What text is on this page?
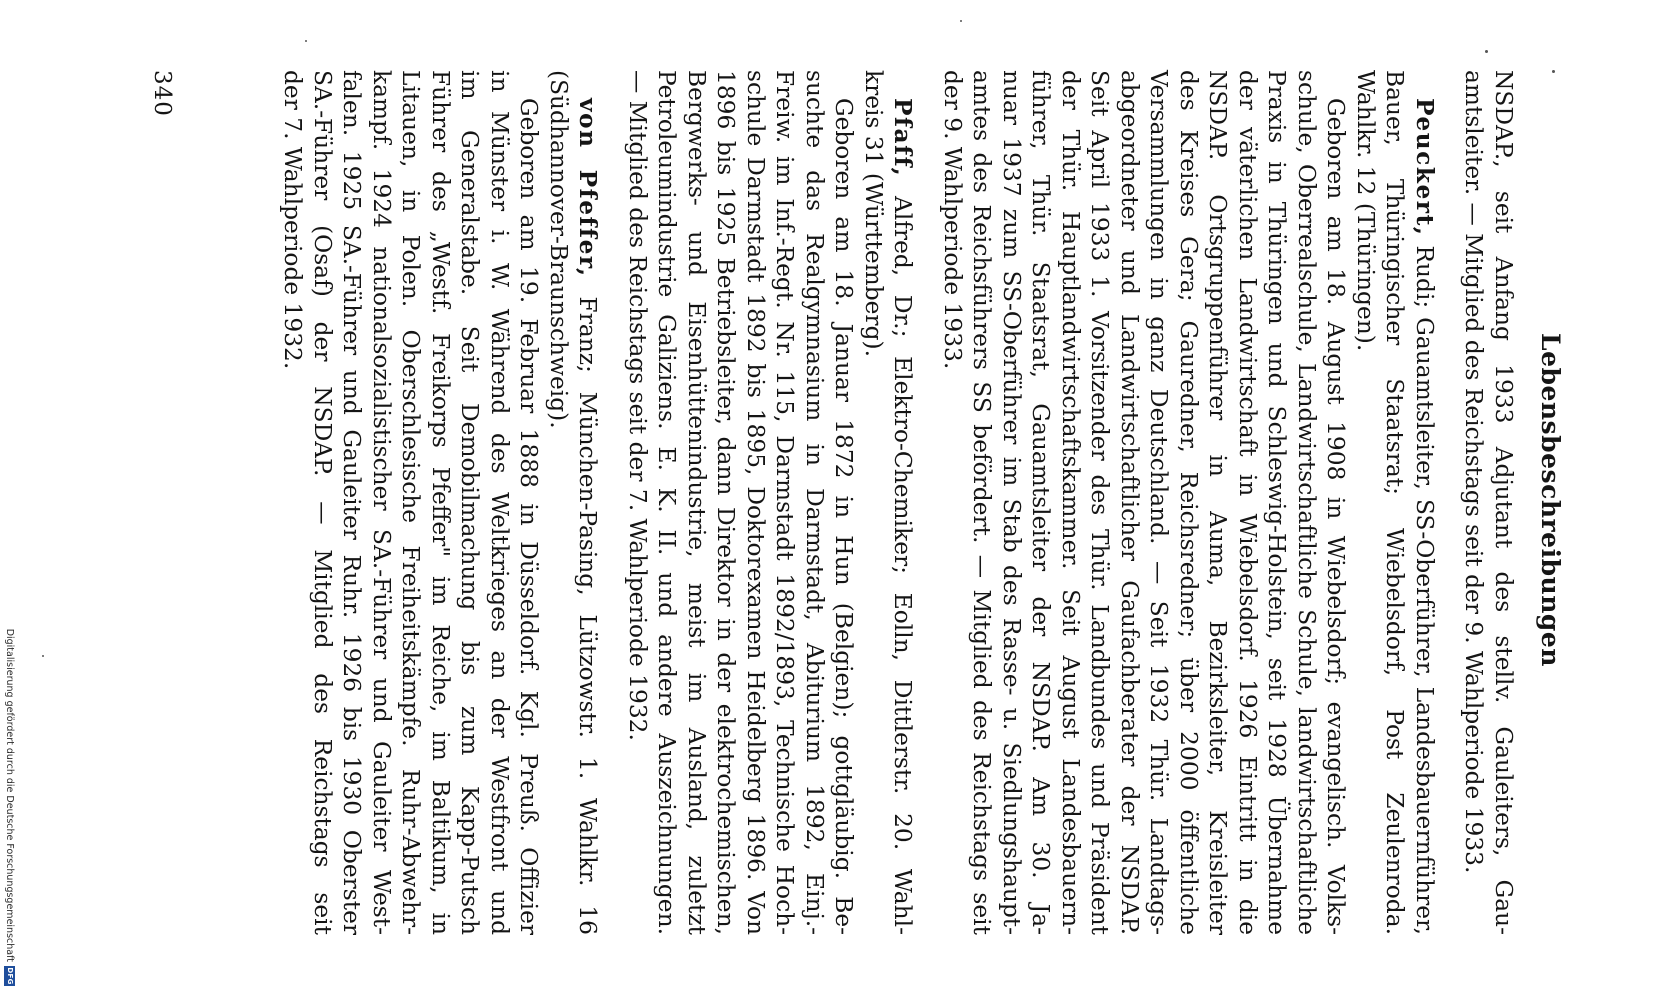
Lebensbeschreibungen
NSDAP., seit Anfang 1933 Adjutant des stellv. Gauleiters, Gau-
amtsleiter. — Mitglied des Reichstags seit der 9. Wahlperiode 1933.
Peuckert, Rudi; Gauamtsleiter, SS-Oberführer, Landesbauernführer,
Bauer, Thüringischer Staatsrat; Wiebelsdorf, Post Zeulenroda.
Wahlkr. 12 (Thüringen).
Geboren am 18. August 1908 in Wiebelsdorf; evangelisch. Volks-
schule, Oberrealschule, Landwirtschaftliche Schule, landwirtschaftliche
Praxis in Thüringen und Schleswig-Holstein, seit 1928 Übernahme
der väterlichen Landwirtschaft in Wiebelsdorf. 1926 Eintritt in die
NSDAP. Ortsgruppenführer in Auma, Bezirksleiter, Kreisleiter
des Kreises Gera; Gauredner, Reichsredner; über 2000 öffentliche
Versammlungen in ganz Deutschland. — Seit 1932 Thür. Landtags-
abgeordneter und Landwirtschaftlicher Gaufachberater der NSDAP.
Seit April 1933 1. Vorsitzender des Thür. Landbundes und Präsident
der Thür. Hauptlandwirtschaftskammer. Seit August Landesbauern-
führer, Thür. Staatsrat, Gauamtsleiter der NSDAP. Am 30. Ja-
nuar 1937 zum SS-Oberführer im Stab des Rasse- u. Siedlungshaupt-
amtes des Reichsführers SS befördert. — Mitglied des Reichstags seit
der 9. Wahlperiode 1933.
Pfaff, Alfred, Dr.; Elektro-Chemiker; Eolln, Dittlerstr. 20. Wahl-
kreis 31 (Württemberg).
Geboren am 18. Januar 1872 in Hun (Belgien); gottgläubig. Be-
suchte das Realgymnasium in Darmstadt, Abiturium 1892, Einj.-
Freiw. im Inf.-Regt. Nr. 115, Darmstadt 1892/1893, Technische Hoch-
schule Darmstadt 1892 bis 1895, Doktorexamen Heidelberg 1896. Von
1896 bis 1925 Betriebsleiter, dann Direktor in der elektrochemischen,
Bergwerks- und Eisenhüttenindustrie, meist im Ausland, zuletzt
Petroleumindustrie Galiziens. E. K. II. und andere Auszeichnungen.
— Mitglied des Reichstags seit der 7. Wahlperiode 1932.
von Pfeffer, Franz; München-Pasing, Lützowstr. 1. Wahlkr. 16
(Südhannover-Braunschweig).
Geboren am 19. Februar 1888 in Düsseldorf. Kgl. Preuß. Offizier
in Münster i. W. Während des Weltkrieges an der Westfront und
im Generalstabe. Seit Demobilmachung bis zum Kapp-Putsch
Führer des „Westf. Freikorps Pfeffer" im Reiche, im Baltikum, in
Litauen, in Polen. Oberschlesische Freiheitskämpfe. Ruhr-Abwehr-
kampf. 1924 nationalsozialistischer SA.-Führer und Gauleiter West-
falen. 1925 SA.-Führer und Gauleiter Ruhr. 1926 bis 1930 Oberster
SA.-Führer (Osaf) der NSDAP. — Mitglied des Reichstags seit
der 7. Wahlperiode 1932.
340
Digitalisierung gefördert durch die Deutsche Forschungsgemeinschaft
DFG
